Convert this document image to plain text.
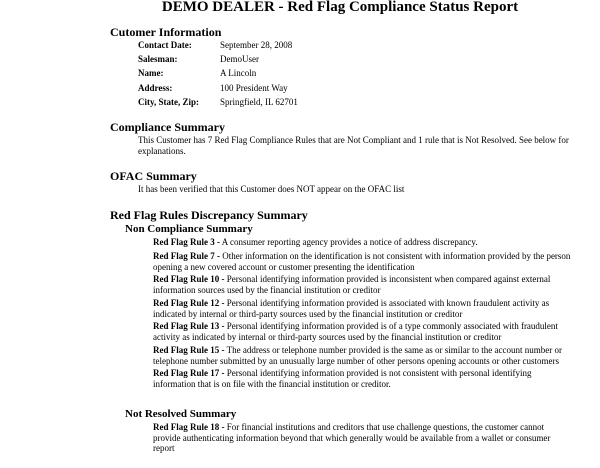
DEMO DEALER - Red Flag Compliance Status Report
Cutomer Information
Contact Date:	September 28, 2008
Salesman:	DemoUser
Name:	A Lincoln
Address:	100 President Way
City, State, Zip:	Springfield, IL 62701
Compliance Summary

This Customer has 7 Red Flag Compliance Rules that are Not Compliant and 1 rule that is Not Resolved. See below for explanations.

OFAC Summary

It has been verified that this Customer does NOT appear on the OFAC list

Red Flag Rules Discrepancy Summary
Non Compliance Summary

Red Flag Rule 3 - A consumer reporting agency provides a notice of address discrepancy.

Red Flag Rule 7 - Other information on the identification is not consistent with information provided by the person opening a new covered account or customer presenting the identification

Red Flag Rule 10 - Personal identifying information provided is inconsistent when compared against external information sources used by the financial institution or creditor

Red Flag Rule 12 - Personal identifying information provided is associated with known fraudulent activity as indicated by internal or third-party sources used by the financial institution or creditor

Red Flag Rule 13 - Personal identifying information provided is of a type commonly associated with fraudulent activity as indicated by internal or third-party sources used by the financial institution or creditor

Red Flag Rule 15 - The address or telephone number provided is the same as or similar to the account number or telephone number submitted by an unusually large number of other persons opening accounts or other customers

Red Flag Rule 17 - Personal identifying information provided is not consistent with personal identifying information that is on file with the financial institution or creditor.

Not Resolved Summary

Red Flag Rule 18 - For financial institutions and creditors that use challenge questions, the customer cannot provide authenticating information beyond that which generally would be available from a wallet or consumer report
